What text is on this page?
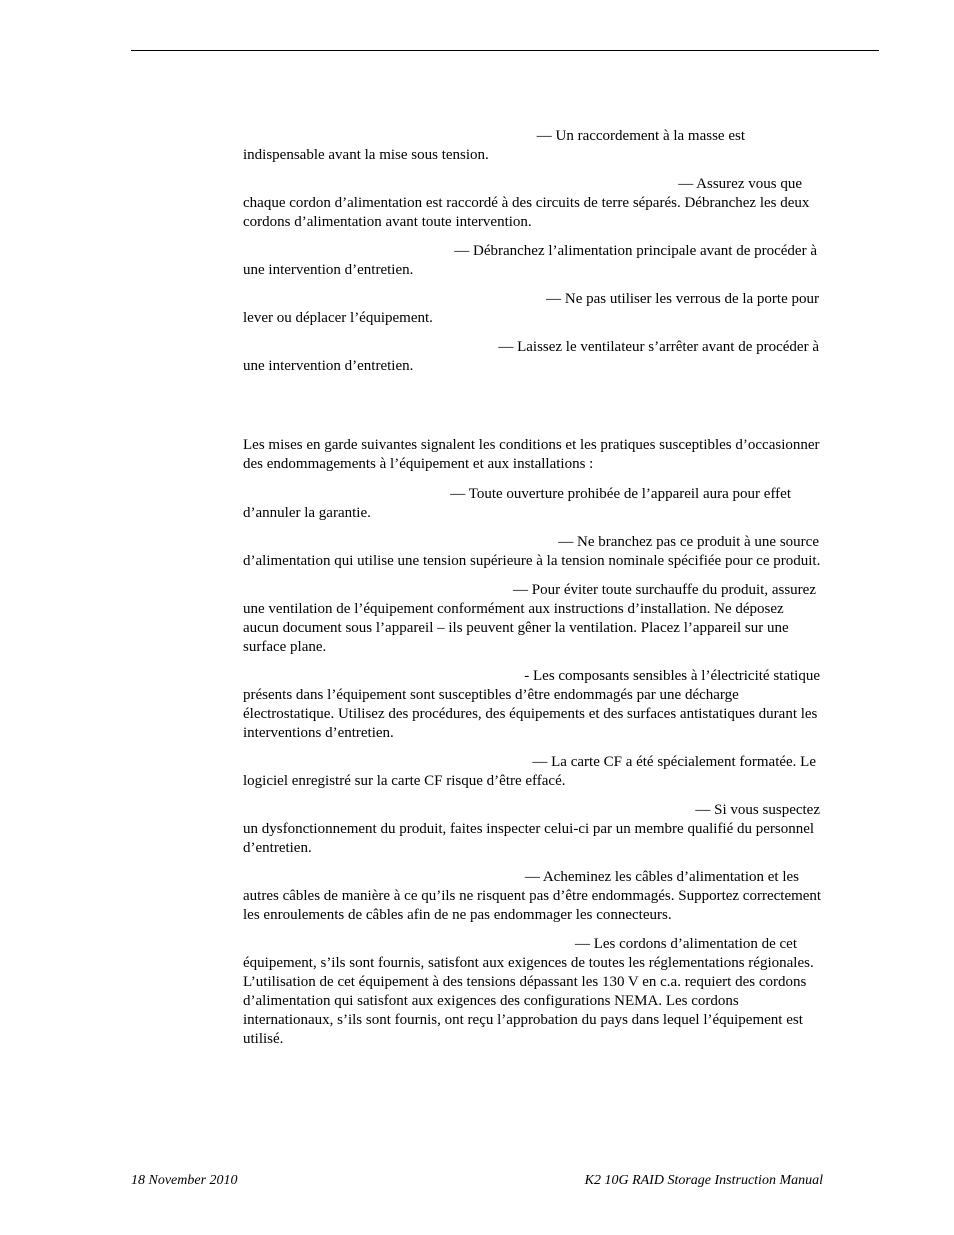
— Un raccordement à la masse est
indispensable avant la mise sous tension.
— Assurez vous que
chaque cordon d’alimentation est raccordé à des circuits de terre séparés. Débranchez les deux cordons d’alimentation avant toute intervention.
— Débranchez l’alimentation principale avant de procéder à
une intervention d’entretien.
— Ne pas utiliser les verrous de la porte pour
lever ou déplacer l’équipement.
— Laissez le ventilateur s’arrêter avant de procéder à
une intervention d’entretien.

Les mises en garde suivantes signalent les conditions et les pratiques susceptibles d’occasionner des endommagements à l’équipement et aux installations :

— Toute ouverture prohibée de l’appareil aura pour effet
d’annuler la garantie.
— Ne branchez pas ce produit à une source
d’alimentation qui utilise une tension supérieure à la tension nominale spécifiée pour ce produit.
— Pour éviter toute surchauffe du produit, assurez
une ventilation de l’équipement conformément aux instructions d’installation. Ne déposez aucun document sous l’appareil – ils peuvent gêner la ventilation. Placez l’appareil sur une surface plane.
- Les composants sensibles à l’électricité statique
présents dans l’équipement sont susceptibles d’être endommagés par une décharge électrostatique. Utilisez des procédures, des équipements et des surfaces antistatiques durant les interventions d’entretien.
— La carte CF a été spécialement formatée. Le
logiciel enregistré sur la carte CF risque d’être effacé.
— Si vous suspectez
un dysfonctionnement du produit, faites inspecter celui-ci par un membre qualifié du personnel d’entretien.
— Acheminez les câbles d’alimentation et les
autres câbles de manière à ce qu’ils ne risquent pas d’être endommagés. Supportez correctement les enroulements de câbles afin de ne pas endommager les connecteurs.
— Les cordons d’alimentation de cet
équipement, s’ils sont fournis, satisfont aux exigences de toutes les réglementations régionales. L’utilisation de cet équipement à des tensions dépassant les 130 V en c.a. requiert des cordons d’alimentation qui satisfont aux exigences des configurations NEMA. Les cordons internationaux, s’ils sont fournis, ont reçu l’approbation du pays dans lequel l’équipement est utilisé.
18 November 2010	K2 10G RAID Storage Instruction Manual
